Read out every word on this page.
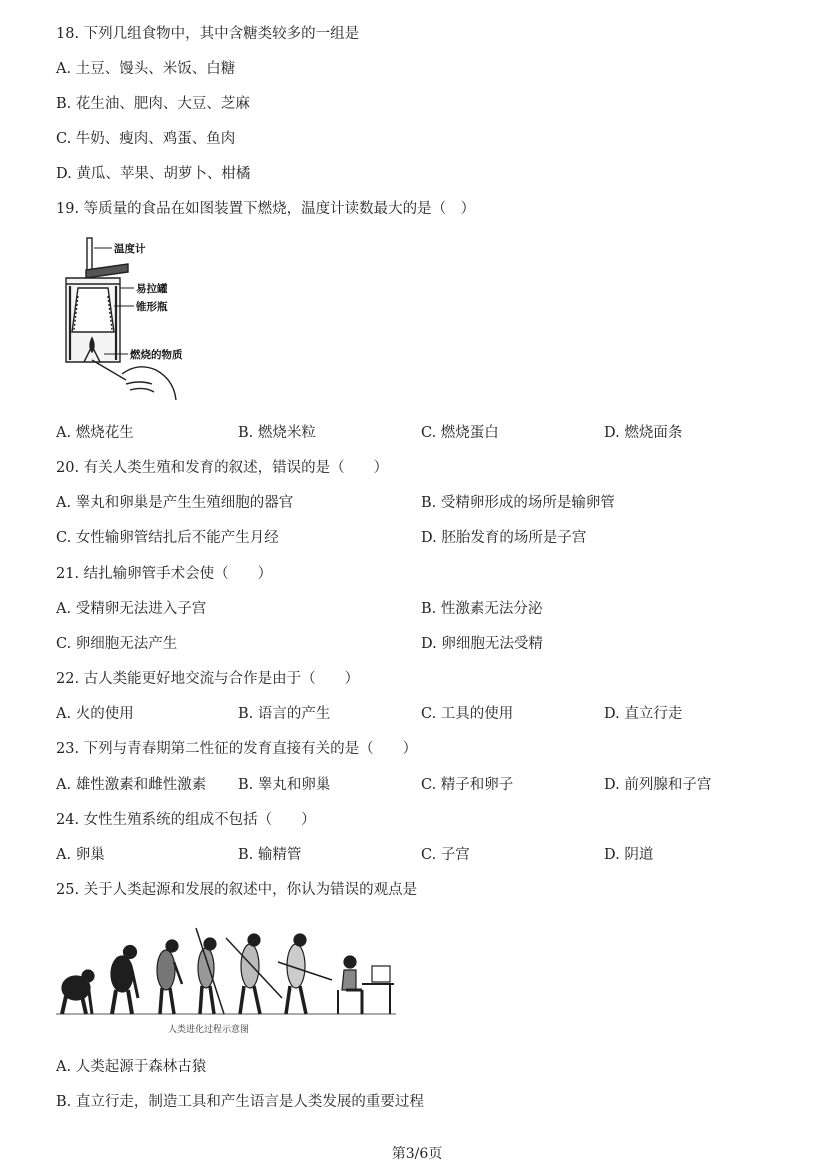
18. 下列几组食物中，其中含糖类较多的一组是
A. 土豆、馒头、米饭、白糖
B. 花生油、肥肉、大豆、芝麻
C. 牛奶、瘦肉、鸡蛋、鱼肉
D. 黄瓜、苹果、胡萝卜、柑橘
19. 等质量的食品在如图装置下燃烧，温度计读数最大的是（　）
温度计
易拉罐
锥形瓶
燃烧的物质
A. 燃烧花生	B. 燃烧米粒	C. 燃烧蛋白	D. 燃烧面条
20. 有关人类生殖和发育的叙述，错误的是（　　）
A. 睾丸和卵巢是产生生殖细胞的器官	B. 受精卵形成的场所是输卵管
C. 女性输卵管结扎后不能产生月经	D. 胚胎发育的场所是子宫
21. 结扎输卵管手术会使（　　）
A. 受精卵无法进入子宫	B. 性激素无法分泌
C. 卵细胞无法产生	D. 卵细胞无法受精
22. 古人类能更好地交流与合作是由于（　　）
A. 火的使用	B. 语言的产生	C. 工具的使用	D. 直立行走
23. 下列与青春期第二性征的发育直接有关的是（　　）
A. 雄性激素和雌性激素 B. 睾丸和卵巢	C. 精子和卵子	D. 前列腺和子宫
24. 女性生殖系统的组成不包括（　　）
A. 卵巢	B. 输精管	C. 子宫	D. 阴道
25. 关于人类起源和发展的叙述中，你认为错误的观点是
人类进化过程示意图
A. 人类起源于森林古猿
B. 直立行走，制造工具和产生语言是人类发展的重要过程
第3/6页
